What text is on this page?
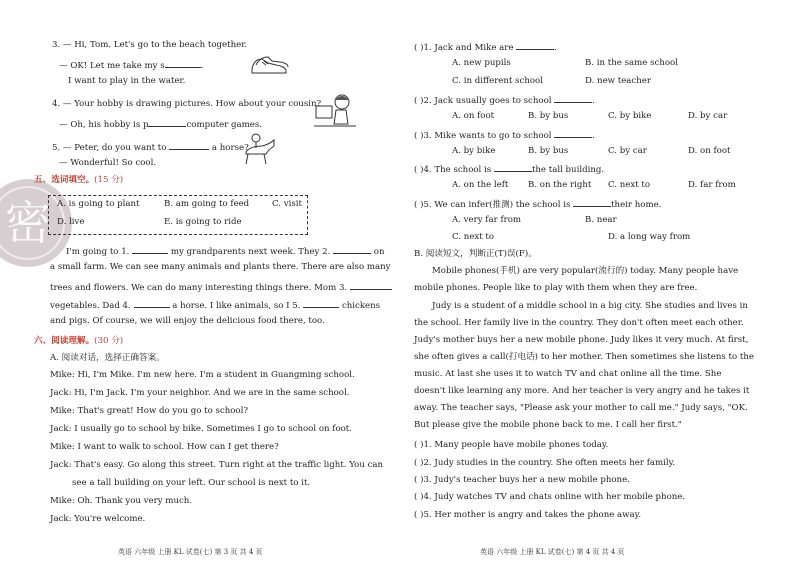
密
3. — Hi, Tom. Let's go to the beach together.
— OK! Let me take my s	.
I want to play in the water.
4. — Your hobby is drawing pictures. How about your cousin?
— Oh, his hobby is p	computer games.
5. — Peter, do you want to	a horse?
— Wonderful! So cool.
五、选词填空。(15 分)
A. is going to plant	B. am going to feed	C. visit
D. live	E. is going to ride
I'm going to 1.	my grandparents next week. They 2.	on
a small farm. We can see many animals and plants there. There are also many
trees and flowers. We can do many interesting things there. Mom 3.
vegetables. Dad 4.	a horse. I like animals, so I 5.	chickens
and pigs. Of course, we will enjoy the delicious food there, too.
六、阅读理解。(30 分)
A. 阅读对话，选择正确答案。
Mike: Hi, I'm Mike. I'm new here. I'm a student in Guangming school.
Jack: Hi, I'm Jack. I'm your neighbor. And we are in the same school.
Mike: That's great! How do you go to school?
Jack: I usually go to school by bike. Sometimes I go to school on foot.
Mike: I want to walk to school. How can I get there?
Jack: That's easy. Go along this street. Turn right at the traffic light. You can
see a tall building on your left. Our school is next to it.
Mike: Oh. Thank you very much.
Jack: You're welcome.
英语 六年级 上册 KL 试卷(七) 第 3 页 共 4 页
( )1. Jack and Mike are	.
A. new pupils	B. in the same school
C. in different school	D. new teacher
( )2. Jack usually goes to school	.
A. on foot	B. by bus	C. by bike	D. by car
( )3. Mike wants to go to school	.
A. by bike	B. by bus	C. by car	D. on foot
( )4. The school is	the tall building.
A. on the left B. on the right C. next to	D. far from
( )5. We can infer(推测) the school is	their home.
A. very far from	B. near
C. next to	D. a long way from
B. 阅读短文，判断正(T)误(F)。
Mobile phones(手机) are very popular(流行的) today. Many people have
mobile phones. People like to play with them when they are free.
Judy is a student of a middle school in a big city. She studies and lives in
the school. Her family live in the country. They don't often meet each other.
Judy's mother buys her a new mobile phone. Judy likes it very much. At first,
she often gives a call(打电话) to her mother. Then sometimes she listens to the
music. At last she uses it to watch TV and chat online all the time. She
doesn't like learning any more. And her teacher is very angry and he takes it
away. The teacher says, "Please ask your mother to call me." Judy says, "OK.
But please give the mobile phone back to me. I call her first."
( )1. Many people have mobile phones today.
( )2. Judy studies in the country. She often meets her family.
( )3. Judy's teacher buys her a new mobile phone.
( )4. Judy watches TV and chats online with her mobile phone.
( )5. Her mother is angry and takes the phone away.
英语 六年级 上册 KL 试卷(七) 第 4 页 共 4 页
